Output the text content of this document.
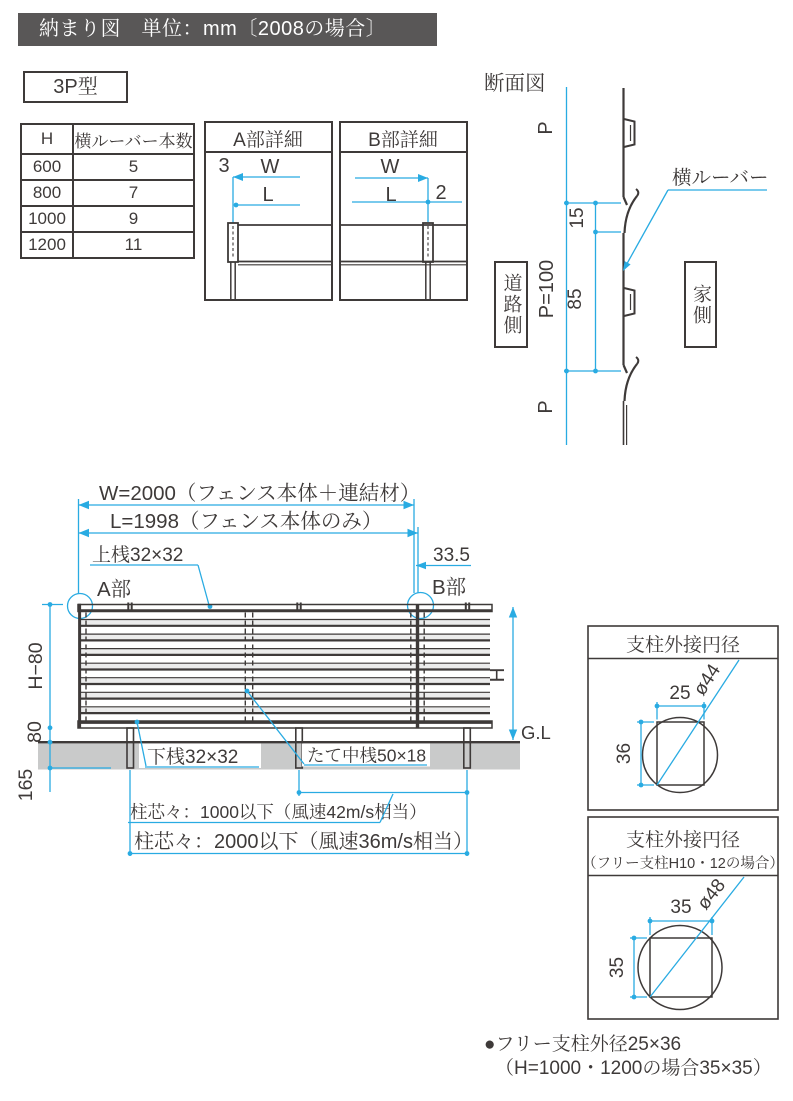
A部詳細
3 W
L
B部詳細
W
L 2
P
P=100
P
15
85
横ルーバー
W=2000（フェンス本体＋連結材）
L=1998（フェンス本体のみ）
上桟32×32	33.5
A部	B部
H
G.L
H−80
80
165
下桟32×32	たて中桟50×18
柱芯々：1000以下（風速42m/s相当）
柱芯々：2000以下（風速36m/s相当）
支柱外接円径
25
36
ø44
支柱外接円径
（フリー支柱H10・12の場合）
35
35
ø48
納まり図　単位：mm〔2008の場合〕
3P型	断面図
H	横ルーバー本数
600	5
800	7
1000	9
1200	11
道路側	家側
●フリー支柱外径25×36
（H=1000・1200の場合35×35）
